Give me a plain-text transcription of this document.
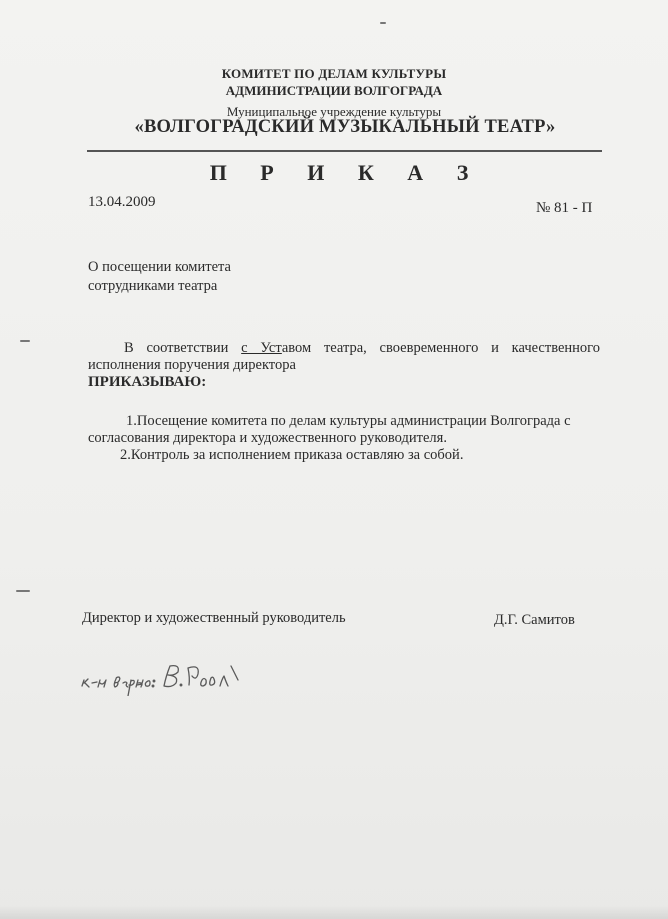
КОМИТЕТ ПО ДЕЛАМ КУЛЬТУРЫ
АДМИНИСТРАЦИИ ВОЛГОГРАДА
Муниципальное учреждение культуры
«ВОЛГОГРАДСКИЙ МУЗЫКАЛЬНЫЙ ТЕАТР»
П Р И К А З
13.04.2009	№ 81 - П
О посещении комитета
сотрудниками театра
В соответствии с Уставом театра, своевременного и качественного исполнения поручения директора
ПРИКАЗЫВАЮ:
1.Посещение комитета по делам культуры администрации Волгограда с согласования директора и художественного руководителя.
2.Контроль за исполнением приказа оставляю за собой.
Директор и художественный руководитель	Д.Г. Самитов
